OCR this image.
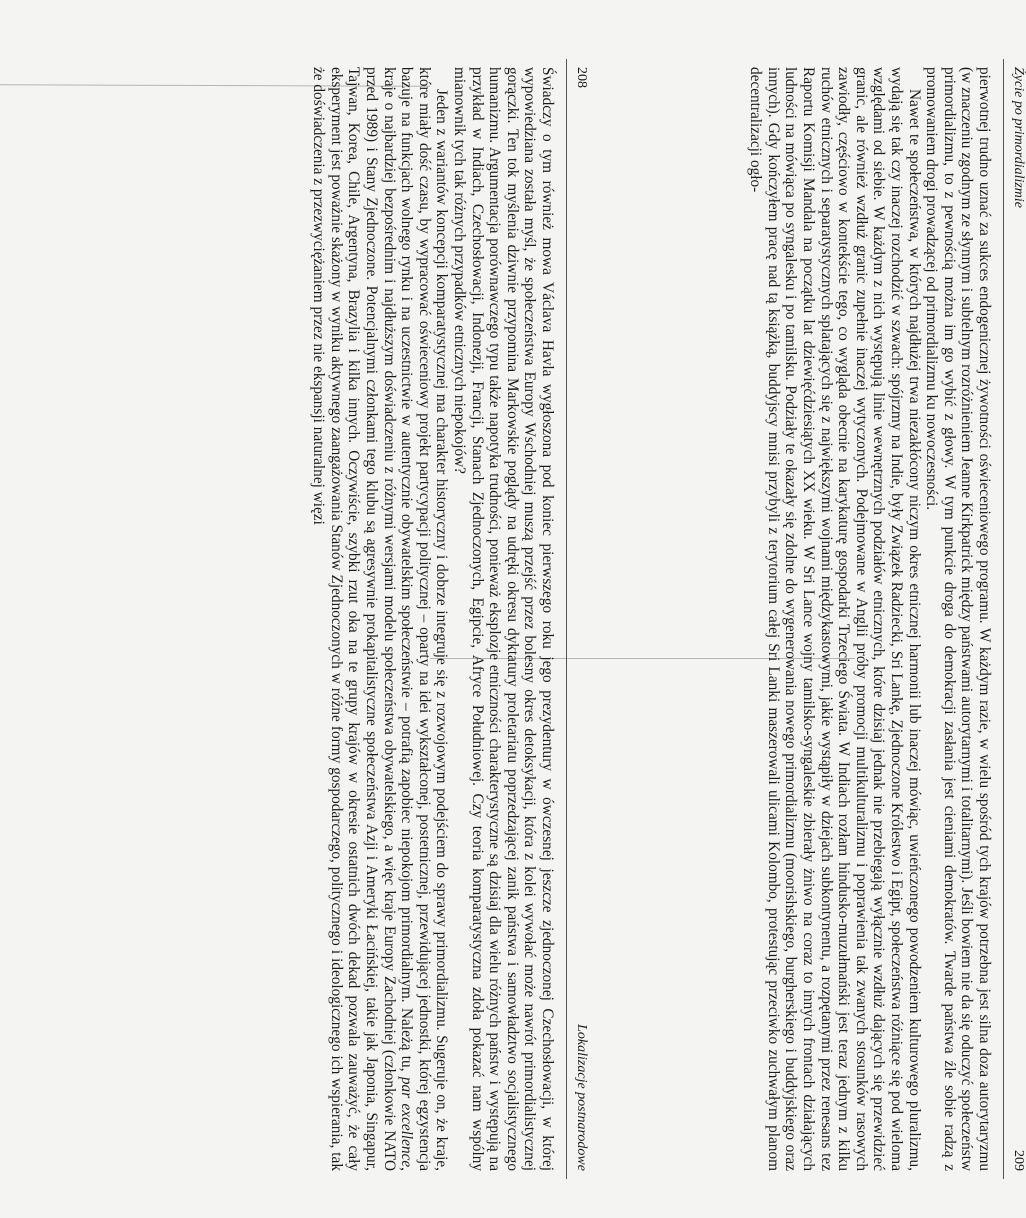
Życie po primordializmie
209

pierwotnej trudno uznać za sukces endogenicznej żywotności oświeceniowego programu. W każdym razie, w wielu spośród tych krajów potrzebna jest silna doza autorytaryzmu (w znaczeniu zgodnym ze słynnym i subtelnym rozróżnieniem Jeanne Kirkpatrick między państwami autorytarnymi i totalitarnymi). Jeśli bowiem nie da się oduczyć społeczeństw primordializmu, to z pewnością można im go wybić z głowy. W tym punkcie droga do demokracji zasłania jest cieniami demokratów. Twarde państwa źle sobie radzą z promowaniem drogi prowadzącej od primordializmu ku nowoczesności.

Nawet te społeczeństwa, w których najdłużej trwa niezakłócony niczym okres etnicznej harmonii lub inaczej mówiąc, uwieńczonego powodzeniem kulturowego pluralizmu, wydają się tak czy inaczej rozchodzić w szwach: spójrzmy na Indie, były Związek Radziecki, Sri Lankę, Zjednoczone Królestwo i Egipt, społeczeństwa różniące się pod wieloma względami od siebie. W każdym z nich występują linie wewnętrznych podziałów etnicznych, które dzisiaj jednak nie przebiegają wyłącznie wzdłuż dających się przewidzieć granic, ale również wzdłuż granic zupełnie inaczej wytyczonych. Podejmowane w Anglii próby promocji multikulturalizmu i poprawienia tak zwanych stosunków rasowych zawiodły, częściowo w kontekście tego, co wygląda obecnie na karykaturę gospodarki Trzeciego Świata. W Indiach rozłam hindusko-muzułmański jest teraz jednym z kilku ruchów etnicznych i separatystycznych splatających się z największymi wojnami międzykastowymi, jakie wystąpiły w dziejach subkontynentu, a rozpętanymi przez renesans tez Raportu Komisji Mandala na początku lat dziewięćdziesiątych XX wieku. W Sri Lance wojny tamilsko-syngaleskie zbierały żniwo na coraz to innych frontach działających ludności na mówiąca po syngalesku i po tamilsku. Podziały te okazały się zdolne do wygenerowania nowego primordializmu (moorishskiego, burgherskiego i buddyjskiego oraz innych). Gdy kończyłem pracę nad tą książką, buddyjscy mnisi przybyli z terytorium całej Sri Lanki maszerowali ulicami Kolombo, protestując przeciwko zuchwałym planom decentralizacji ogło-

208
Lokalizacje postnarodowe

Świadczy o tym również mowa Václava Havla wygłoszona pod koniec pierwszego roku jego prezydentury w ówczesnej jeszcze zjednoczonej Czechosłowacji, w której wypowiedziana została myśl, że społeczeństwa Europy Wschodniej muszą przejść przez bolesny okres detoksykacji, która z kolei wywołać może nawrót primordialistycznej gorączki. Ten tok myślenia dziwnie przypomina Markowskie poglądy na udręki okresu dyktatury proletariatu poprzedzającej zanik państwa i samowładztwo socjalistycznego humanizmu. Argumentacja porównawczego typu także napotyka trudności, ponieważ eksplozje etniczności charakterystyczne są dzisiaj dla wielu różnych państw i występują na przykład w Indiach, Czechosłowacji, Indonezji, Francji, Stanach Zjednoczonych, Egipcie, Afryce Południowej. Czy teoria komparatystyczna zdoła pokazać nam wspólny mianownik tych tak różnych przypadków etnicznych niepokojów?

Jeden z wariantów koncepcji komparatystycznej ma charakter historyczny i dobrze integruje się z rozwojowym podejściem do sprawy primordializmu. Sugeruje on, że kraje, które miały dość czasu, by wypracować oświeceniowy projekt partycypacji politycznej – oparty na idei wykształconej, postetnicznej, przewidującej jednostki, której egzystencja bazuje na funkcjach wolnego rynku i na uczestnictwie w autentycznie obywatelskim społeczeństwie – potrafią zapobiec niepokojom primordialnym. Należą tu, par excellence, kraje o najbardziej bezpośrednim i najdłuższym doświadczeniu z różnymi wersjami modelu społeczeństwa obywatelskiego, a więc kraje Europy Zachodniej (członkowie NATO przed 1989) i Stany Zjednoczone. Potencjalnymi członkami tego klubu są agresywnie prokapitalistyczne społeczeństwa Azji i Ameryki Łacińskiej, takie jak Japonia, Singapur, Tajwan, Korea, Chile, Argentyna, Brazylia i kilka innych. Oczywiście, szybki rzut oka na te grupy krajów w okresie ostatnich dwóch dekad pozwala zauważyć, że cały eksperyment jest poważnie skażony w wyniku aktywnego zaangażowania Stanów Zjednoczonych w różne formy gospodarczego, politycznego i ideologicznego ich wspierania, tak że doświadczenia z przezwyciężaniem przez nie ekspansji naturalnej więzi
